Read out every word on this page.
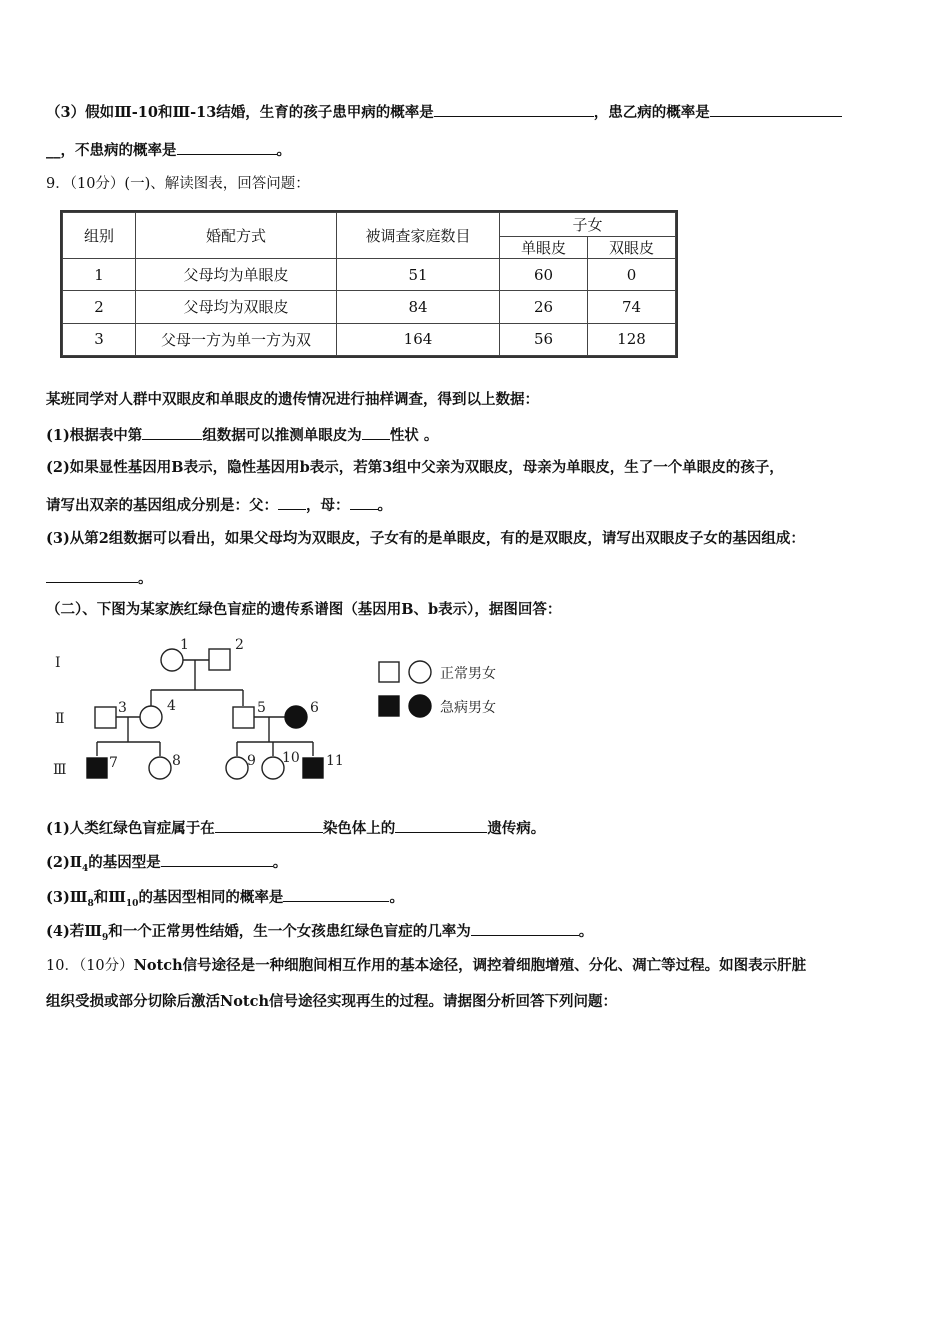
（3）假如Ⅲ-10和Ⅲ-13结婚，生育的孩子患甲病的概率是	，患乙病的概率是
__，不患病的概率是	。
9．（10分）(一)、解读图表，回答问题：
组别	婚配方式	被调查家庭数目	子女	
			单眼皮	双眼皮
1	父母均为单眼皮	51	60	0
2	父母均为双眼皮	84	26	74
3	父母一方为单一方为双	164	56	128
某班同学对人群中双眼皮和单眼皮的遗传情况进行抽样调查，得到以上数据：
(1)根据表中第	组数据可以推测单眼皮为 性状 。
(2)如果显性基因用B表示，隐性基因用b表示，若第3组中父亲为双眼皮，母亲为单眼皮，生了一个单眼皮的孩子，
请写出双亲的基因组成分别是：父： ，母： 。
(3)从第2组数据可以看出，如果父母均为双眼皮，子女有的是单眼皮，有的是双眼皮，请写出双眼皮子女的基因组成：
。
（二）、下图为某家族红绿色盲症的遗传系谱图（基因用B、b表示），据图回答：
Ⅰ
Ⅱ
Ⅲ
1	2
3	4	5	6
7	8	9 10 11
正常男女
急病男女
(1)人类红绿色盲症属于在	染色体上的	遗传病。
$(2)Ⅱ_4$的基因型是	。
$(3)Ⅲ_8$和$Ⅲ_{10}$的基因型相同的概率是	。
(4)若$Ⅲ_9$和一个正常男性结婚，生一个女孩患红绿色盲症的几率为	。
10．（10分）Notch信号途径是一种细胞间相互作用的基本途径，调控着细胞增殖、分化、凋亡等过程。如图表示肝脏
组织受损或部分切除后激活Notch信号途径实现再生的过程。请据图分析回答下列问题：
